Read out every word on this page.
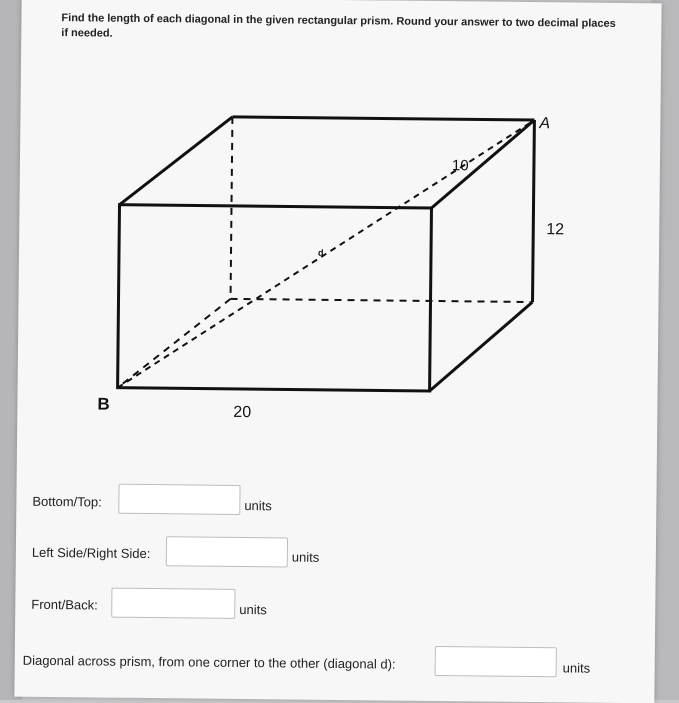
Find the length of each diagonal in the given rectangular prism. Round your answer to two decimal places if needed.
A
B
10
12
20
d
Bottom/Top:	units
Left Side/Right Side:	units
Front/Back:	units
Diagonal across prism, from one corner to the other (diagonal d):	units
